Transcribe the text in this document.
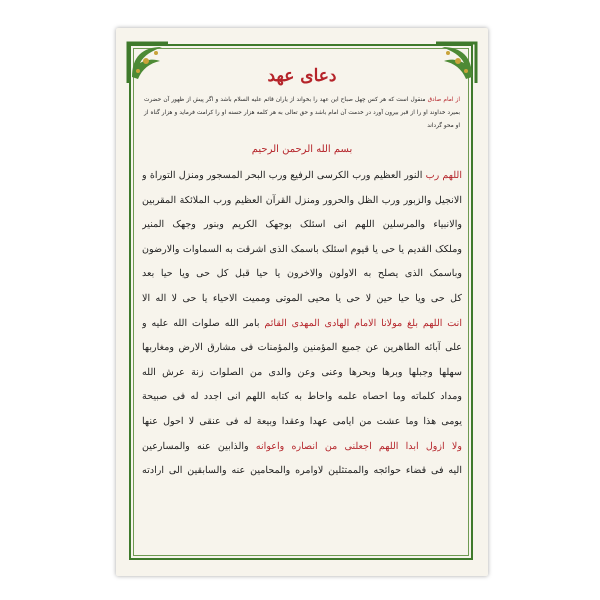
دعای عهد
از امام صادق منقول است که هر کس چهل صباح این عهد را بخواند از یاران قائم علیه السلام باشد و اگر پیش از ظهور آن حضرت بمیرد خداوند او را از قبر بیرون آورد در خدمت آن امام باشد و حق تعالی به هر کلمه هزار حسنه او را کرامت فرماید و هزار گناه از او محو گرداند
بسم الله الرحمن الرحیم
اللهم رب النور العظیم ورب الکرسی الرفیع ورب البحر المسجور ومنزل التوراة و
الانجیل والزبور ورب الظل والحرور ومنزل القرآن العظیم ورب الملائکة المقربین
والانبیاء والمرسلین اللهم انی اسئلک بوجهک الکریم وبنور وجهک المنیر
وملکک القدیم یا حی یا قیوم اسئلک باسمک الذی اشرقت به السماوات والارضون
وباسمک الذی یصلح به الاولون والاخرون یا حیا قبل کل حی ویا حیا بعد
کل حی ویا حیا حین لا حی یا محیی الموتی وممیت الاحیاء یا حی لا اله الا
انت اللهم بلغ مولانا الامام الهادی المهدی القائم بامر الله صلوات الله علیه و
علی آبائه الطاهرین عن جمیع المؤمنین والمؤمنات فی مشارق الارض ومغاربها
سهلها وجبلها وبرها وبحرها وعنی وعن والدی من الصلوات زنة عرش الله
ومداد کلماته وما احصاه علمه واحاط به کتابه اللهم انی اجدد له فی صبیحة
یومی هذا وما عشت من ایامی عهدا وعقدا وبیعة له فی عنقی لا احول عنها
ولا ازول ابدا اللهم اجعلنی من انصاره واعوانه والذابین عنه والمسارعین
الیه فی قضاء حوائجه والممتثلین لاوامره والمحامین عنه والسابقین الی ارادته
